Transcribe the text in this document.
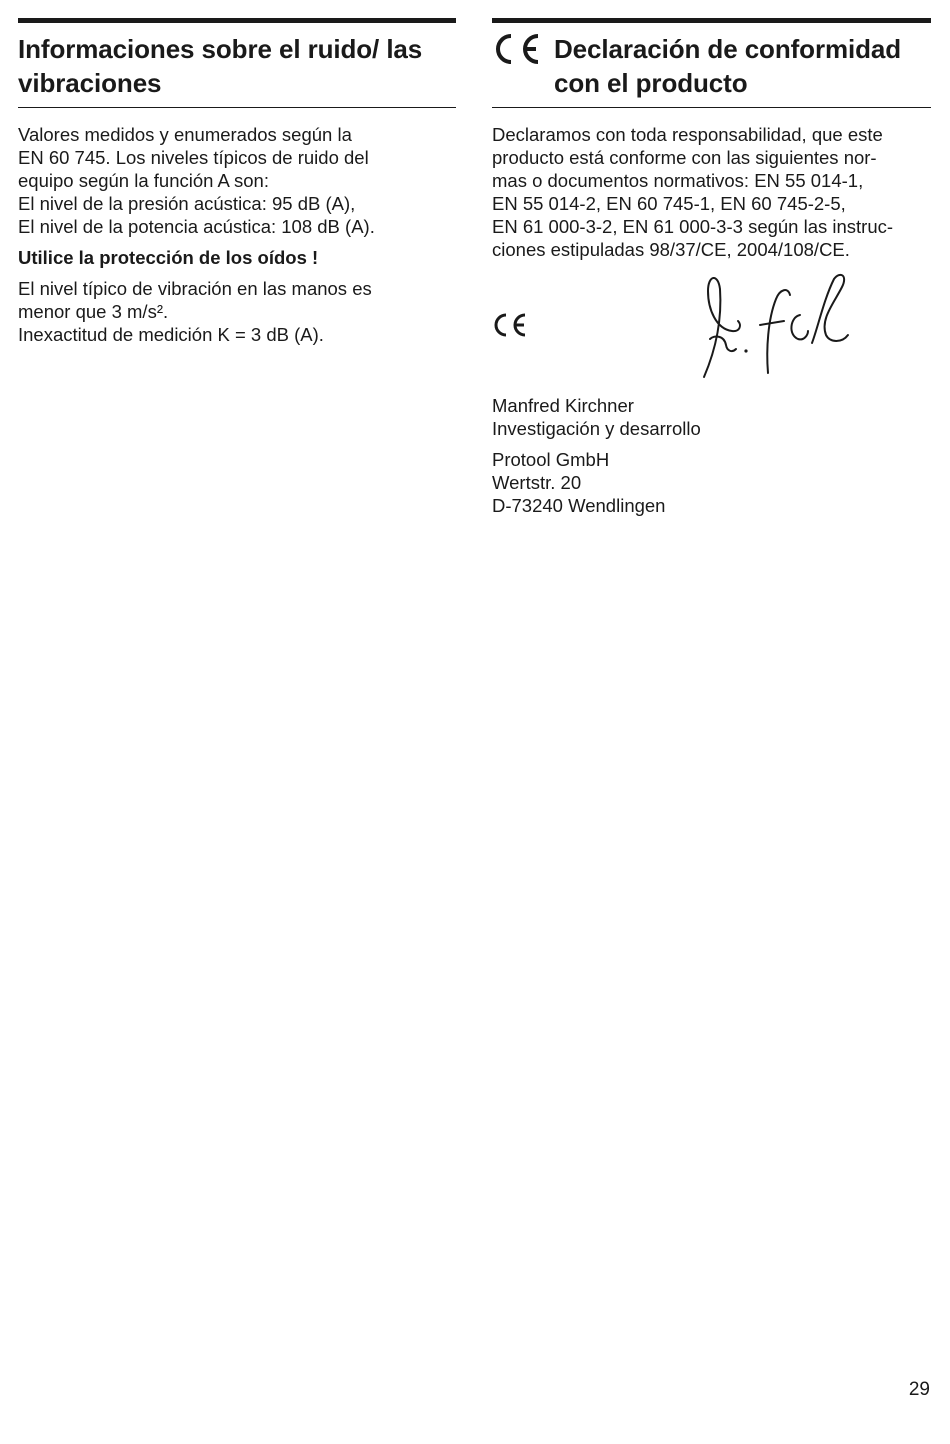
Informaciones sobre el ruido/ las vibraciones

Valores medidos y enumerados según la
EN 60 745. Los niveles típicos de ruido del
equipo según la función A son:
El nivel de la presión acústica: 95 dB (A),
El nivel de la potencia acústica: 108 dB (A).

Utilice la protección de los oídos !

El nivel típico de vibración en las manos es
menor que 3 m/s².
Inexactitud de medición K = 3 dB (A).

Declaración de conformidad con el producto

Declaramos con toda responsabilidad, que este
producto está conforme con las siguientes nor-
mas o documentos normativos: EN 55 014-1,
EN 55 014-2, EN 60 745-1, EN 60 745-2-5,
EN 61 000-3-2, EN 61 000-3-3 según las instruc-
ciones estipuladas 98/37/CE, 2004/108/CE.

Manfred Kirchner
Investigación y desarrollo

Protool GmbH
Wertstr. 20
D-73240 Wendlingen

29
